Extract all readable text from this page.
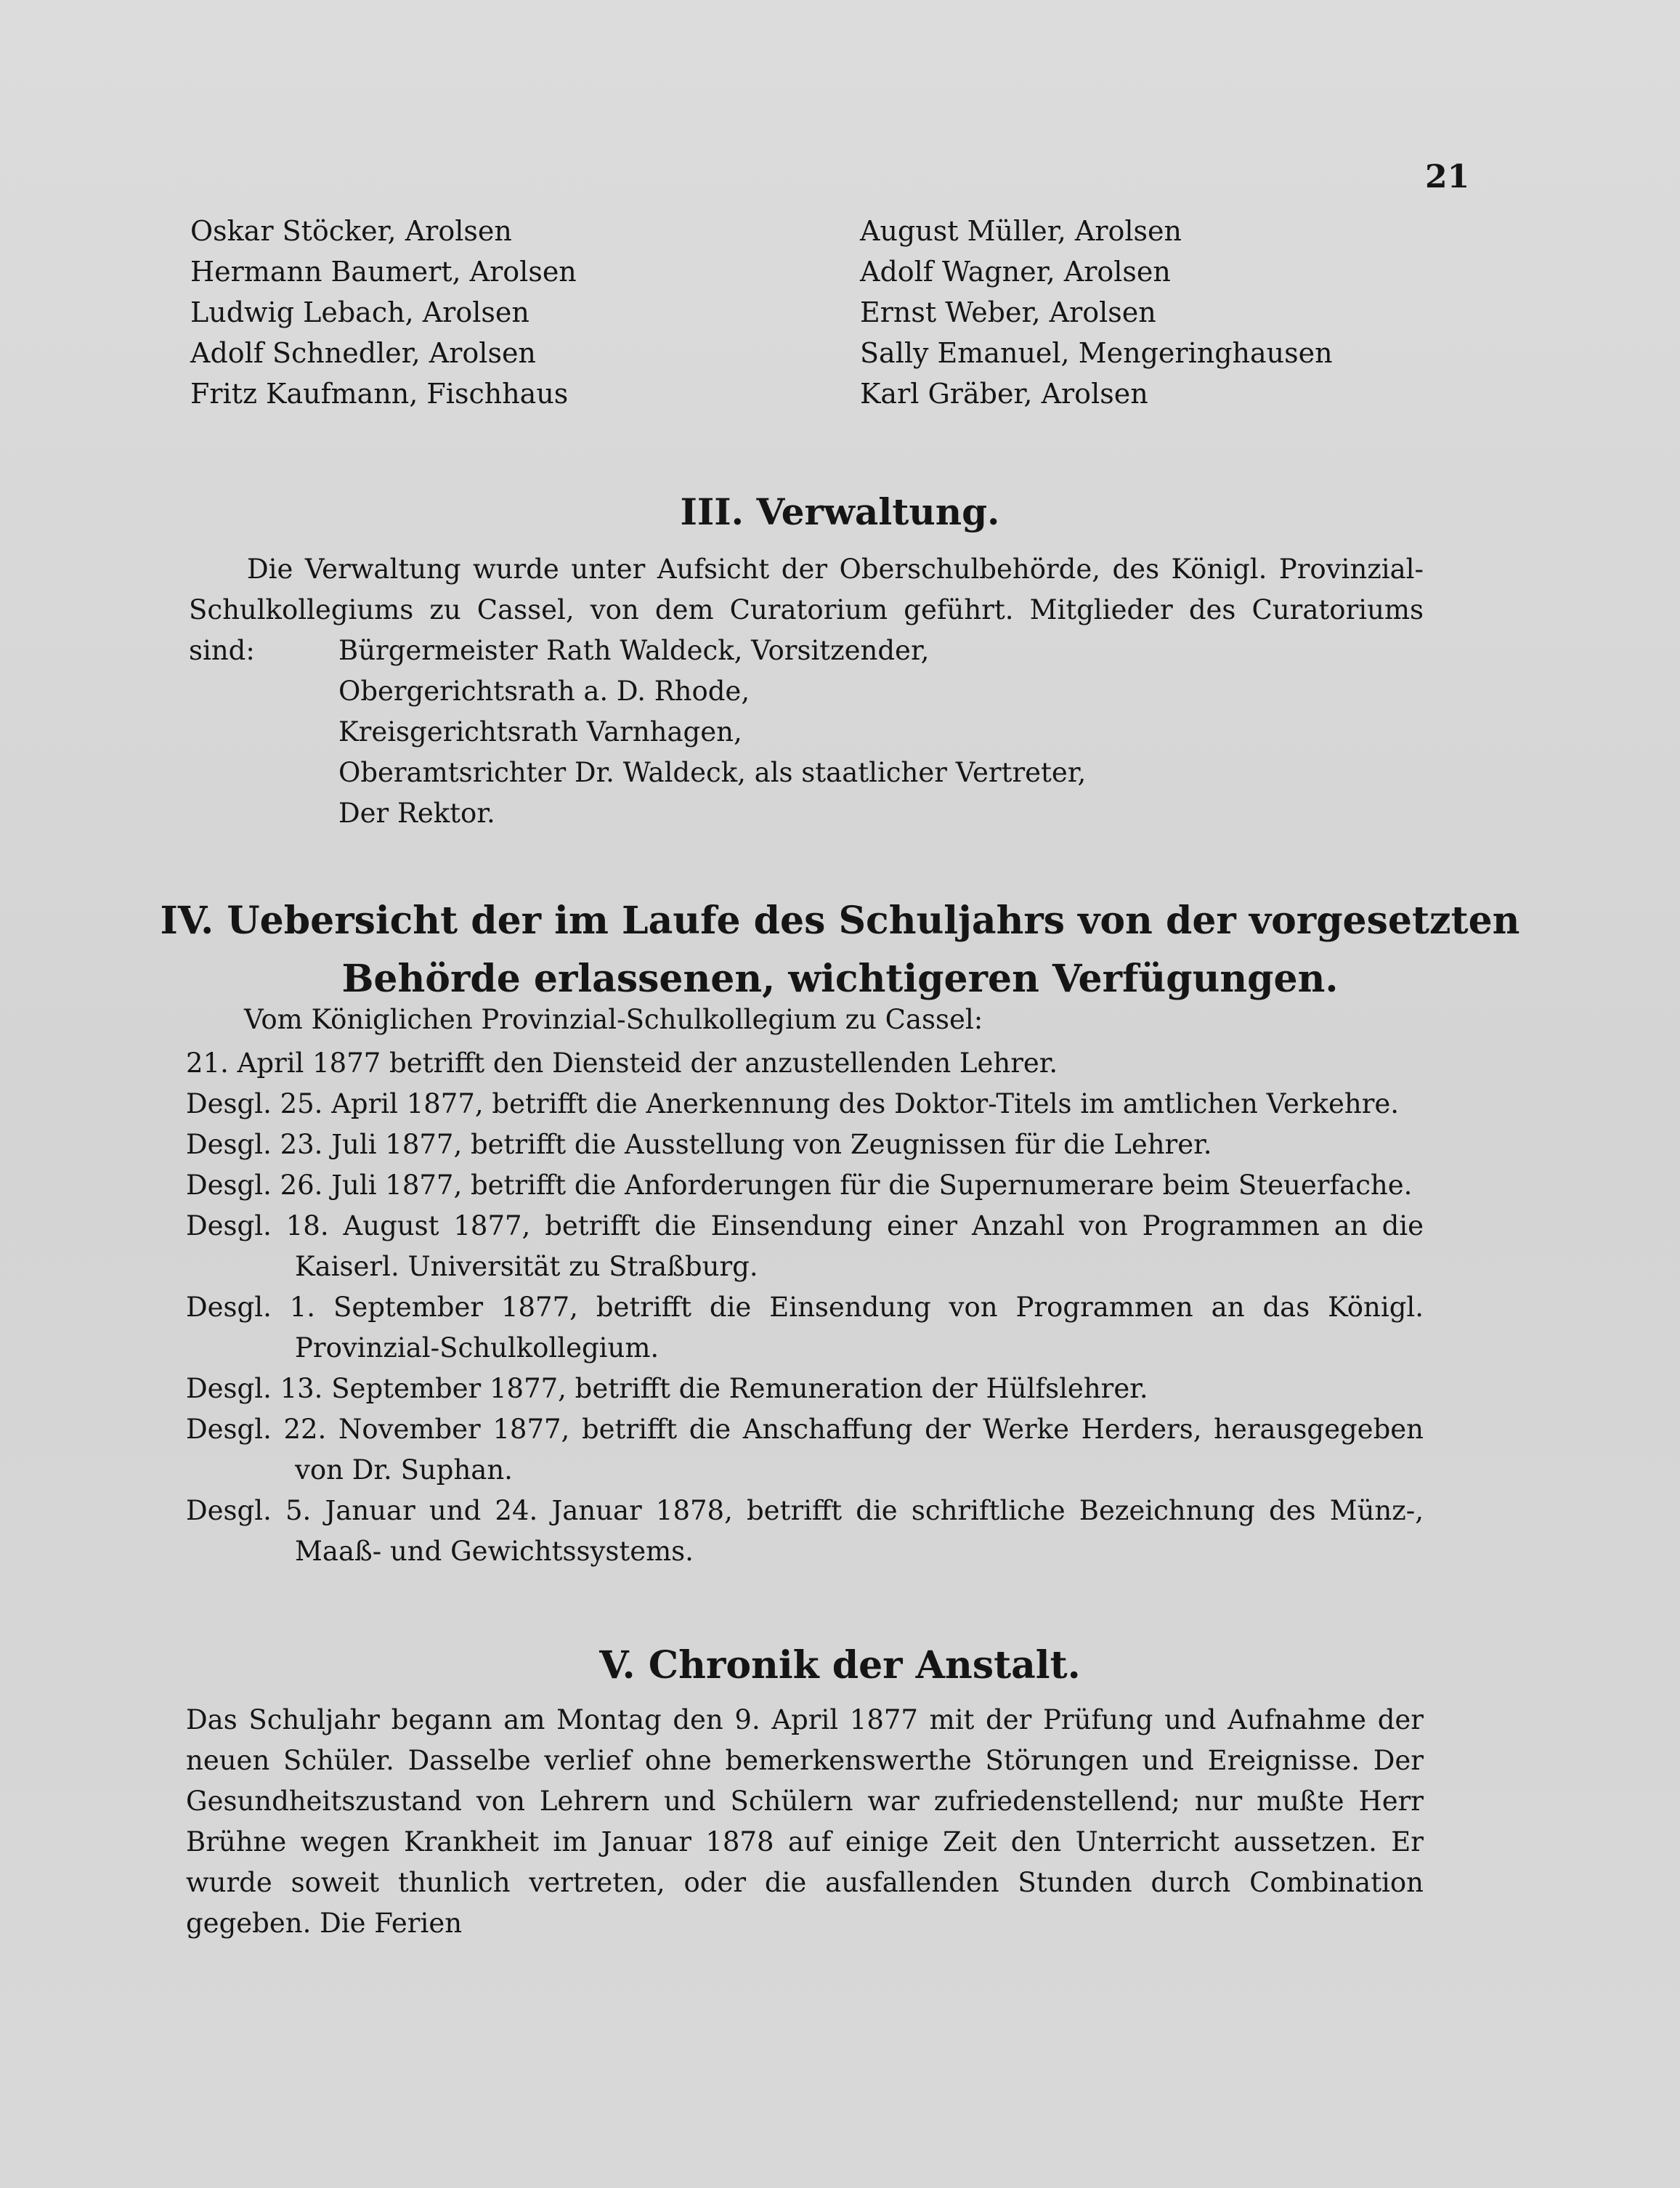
21
Oskar Stöcker, Arolsen
Hermann Baumert, Arolsen
Ludwig Lebach, Arolsen
Adolf Schnedler, Arolsen
Fritz Kaufmann, Fischhaus
August Müller, Arolsen
Adolf Wagner, Arolsen
Ernst Weber, Arolsen
Sally Emanuel, Mengeringhausen
Karl Gräber, Arolsen
III. Verwaltung.
Die Verwaltung wurde unter Aufsicht der Oberschulbehörde, des Königl. Provinzial-Schulkollegiums zu Cassel, von dem Curatorium geführt. Mitglieder des Curatoriums sind:	Bürgermeister Rath Waldeck, Vorsitzender,
Obergerichtsrath a. D. Rhode,
Kreisgerichtsrath Varnhagen,
Oberamtsrichter Dr. Waldeck, als staatlicher Vertreter,
Der Rektor.
IV. Uebersicht der im Laufe des Schuljahrs von der vorgesetzten
Behörde erlassenen, wichtigeren Verfügungen.
Vom Königlichen Provinzial-Schulkollegium zu Cassel:
21. April 1877 betrifft den Diensteid der anzustellenden Lehrer.
Desgl. 25. April 1877, betrifft die Anerkennung des Doktor-Titels im amtlichen Verkehre.
Desgl. 23. Juli 1877, betrifft die Ausstellung von Zeugnissen für die Lehrer.
Desgl. 26. Juli 1877, betrifft die Anforderungen für die Supernumerare beim Steuerfache.
Desgl. 18. August 1877, betrifft die Einsendung einer Anzahl von Programmen an die Kaiserl. Universität zu Straßburg.
Desgl. 1. September 1877, betrifft die Einsendung von Programmen an das Königl. Provinzial-Schulkollegium.
Desgl. 13. September 1877, betrifft die Remuneration der Hülfslehrer.
Desgl. 22. November 1877, betrifft die Anschaffung der Werke Herders, herausgegeben von Dr. Suphan.
Desgl. 5. Januar und 24. Januar 1878, betrifft die schriftliche Bezeichnung des Münz-, Maaß- und Gewichtssystems.
V. Chronik der Anstalt.
Das Schuljahr begann am Montag den 9. April 1877 mit der Prüfung und Aufnahme der neuen Schüler. Dasselbe verlief ohne bemerkenswerthe Störungen und Ereignisse. Der Gesundheitszustand von Lehrern und Schülern war zufriedenstellend; nur mußte Herr Brühne wegen Krankheit im Januar 1878 auf einige Zeit den Unterricht aussetzen. Er wurde soweit thunlich vertreten, oder die ausfallenden Stunden durch Combination gegeben. Die Ferien
